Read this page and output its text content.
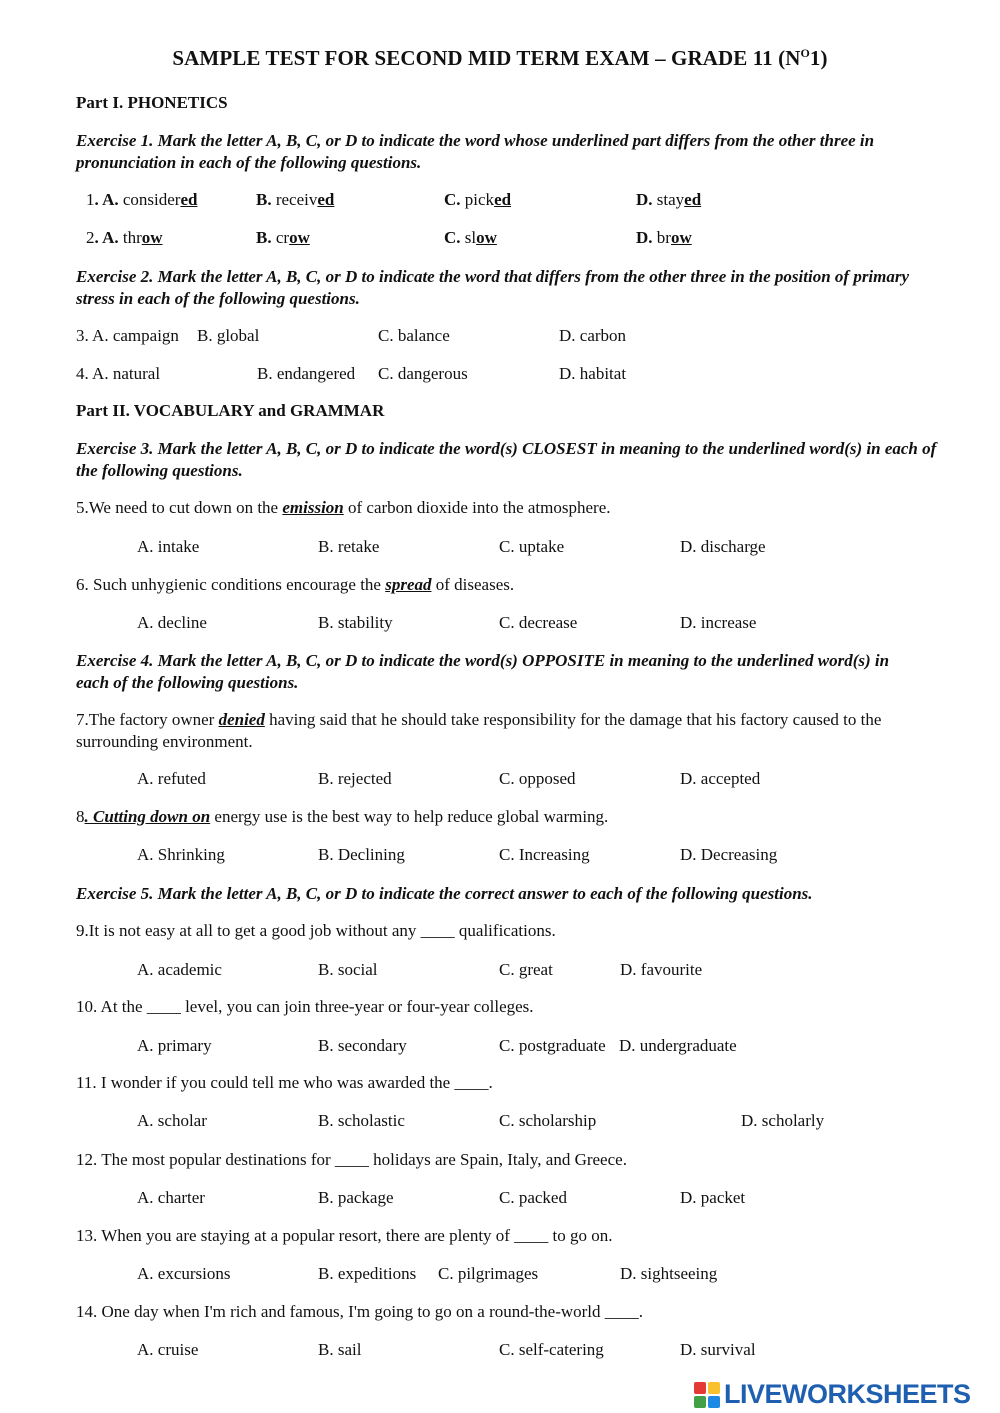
SAMPLE TEST FOR SECOND MID TERM EXAM – GRADE 11 $(N^O1)$
Part I. PHONETICS
Exercise 1. Mark the letter A, B, C, or D to indicate the word whose underlined part differs from the other three in pronunciation in each of the following questions.
1. A. considered	B. received	C. picked	D. stayed
2. A. throw	B. crow	C. slow	D. brow
Exercise 2. Mark the letter A, B, C, or D to indicate the word that differs from the other three in the position of primary stress in each of the following questions.
3. A. campaign B. global	C. balance	D. carbon
4. A. natural	B. endangered C. dangerous	D. habitat
Part II. VOCABULARY and GRAMMAR
Exercise 3. Mark the letter A, B, C, or D to indicate the word(s) CLOSEST in meaning to the underlined word(s) in each of the following questions.
5.We need to cut down on the emission of carbon dioxide into the atmosphere.
A. intake	B. retake	C. uptake	D. discharge
6. Such unhygienic conditions encourage the spread of diseases.
A. decline	B. stability	C. decrease	D. increase
Exercise 4. Mark the letter A, B, C, or D to indicate the word(s) OPPOSITE in meaning to the underlined word(s) in each of the following questions.
7.The factory owner denied having said that he should take responsibility for the damage that his factory caused to the surrounding environment.
A. refuted	B. rejected	C. opposed	D. accepted
8. Cutting down on energy use is the best way to help reduce global warming.
A. Shrinking	B. Declining	C. Increasing	D. Decreasing
Exercise 5. Mark the letter A, B, C, or D to indicate the correct answer to each of the following questions.
9.It is not easy at all to get a good job without any ____ qualifications.
A. academic	B. social	C. great	D. favourite
10. At the ____ level, you can join three-year or four-year colleges.
A. primary	B. secondary	C. postgraduate D. undergraduate
11. I wonder if you could tell me who was awarded the ____.
A. scholar	B. scholastic	C. scholarship	D. scholarly
12. The most popular destinations for ____ holidays are Spain, Italy, and Greece.
A. charter	B. package	C. packed	D. packet
13. When you are staying at a popular resort, there are plenty of ____ to go on.
A. excursions	B. expeditions C. pilgrimages	D. sightseeing
14. One day when I'm rich and famous, I'm going to go on a round-the-world ____.
A. cruise	B. sail	C. self-catering	D. survival
LIVEWORKSHEETS
